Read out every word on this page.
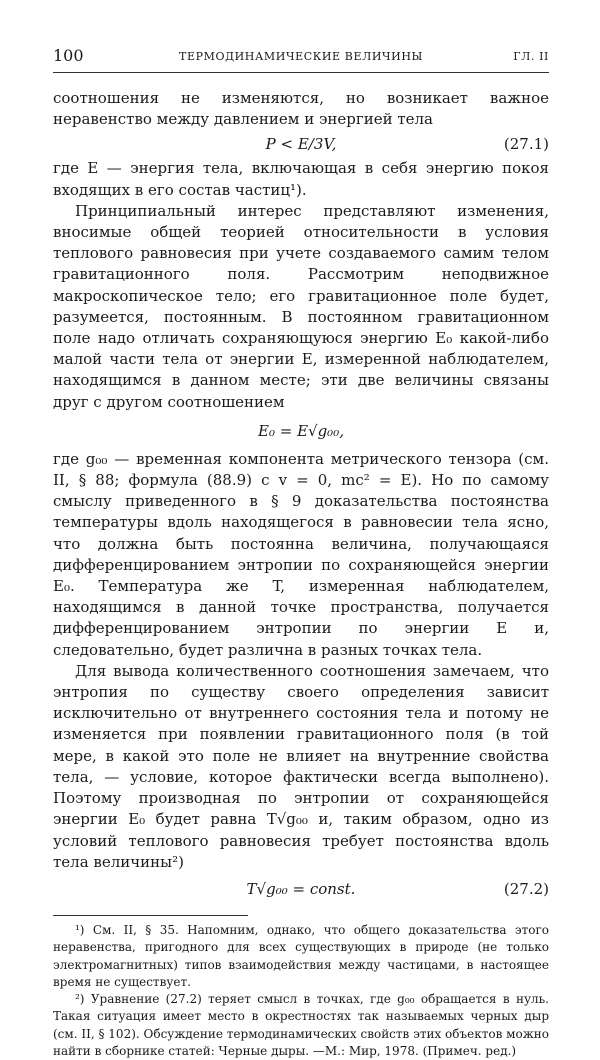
100	ТЕРМОДИНАМИЧЕСКИЕ ВЕЛИЧИНЫ	ГЛ. II

соотношения не изменяются, но возникает важное неравенство между давлением и энергией тела

P < E/3V,	(27.1)

где E — энергия тела, включающая в себя энергию покоя входящих в его состав частиц¹).

Принципиальный интерес представляют изменения, вносимые общей теорией относительности в условия теплового равновесия при учете создаваемого самим телом гравитационного поля. Рассмотрим неподвижное макроскопическое тело; его гравитационное поле будет, разумеется, постоянным. В постоянном гравитационном поле надо отличать сохраняющуюся энергию E₀ какой-либо малой части тела от энергии E, измеренной наблюдателем, находящимся в данном месте; эти две величины связаны друг с другом соотношением

E₀ = E√g₀₀,

где g₀₀ — временная компонента метрического тензора (см. II, § 88; формула (88.9) с v = 0, mc² = E). Но по самому смыслу приведенного в § 9 доказательства постоянства температуры вдоль находящегося в равновесии тела ясно, что должна быть постоянна величина, получающаяся дифференцированием энтропии по сохраняющейся энергии E₀. Температура же T, измеренная наблюдателем, находящимся в данной точке пространства, получается дифференцированием энтропии по энергии E и, следовательно, будет различна в разных точках тела.

Для вывода количественного соотношения замечаем, что энтропия по существу своего определения зависит исключительно от внутреннего состояния тела и потому не изменяется при появлении гравитационного поля (в той мере, в какой это поле не влияет на внутренние свойства тела, — условие, которое фактически всегда выполнено). Поэтому производная по энтропии от сохраняющейся энергии E₀ будет равна T√g₀₀ и, таким образом, одно из условий теплового равновесия требует постоянства вдоль тела величины²)

T√g₀₀ = const.	(27.2)

¹) См. II, § 35. Напомним, однако, что общего доказательства этого неравенства, пригодного для всех существующих в природе (не только электромагнитных) типов взаимодействия между частицами, в настоящее время не существует.

²) Уравнение (27.2) теряет смысл в точках, где g₀₀ обращается в нуль. Такая ситуация имеет место в окрестностях так называемых черных дыр (см. II, § 102). Обсуждение термодинамических свойств этих объектов можно найти в сборнике статей: Черные дыры. —М.: Мир, 1978. (Примеч. ред.)
